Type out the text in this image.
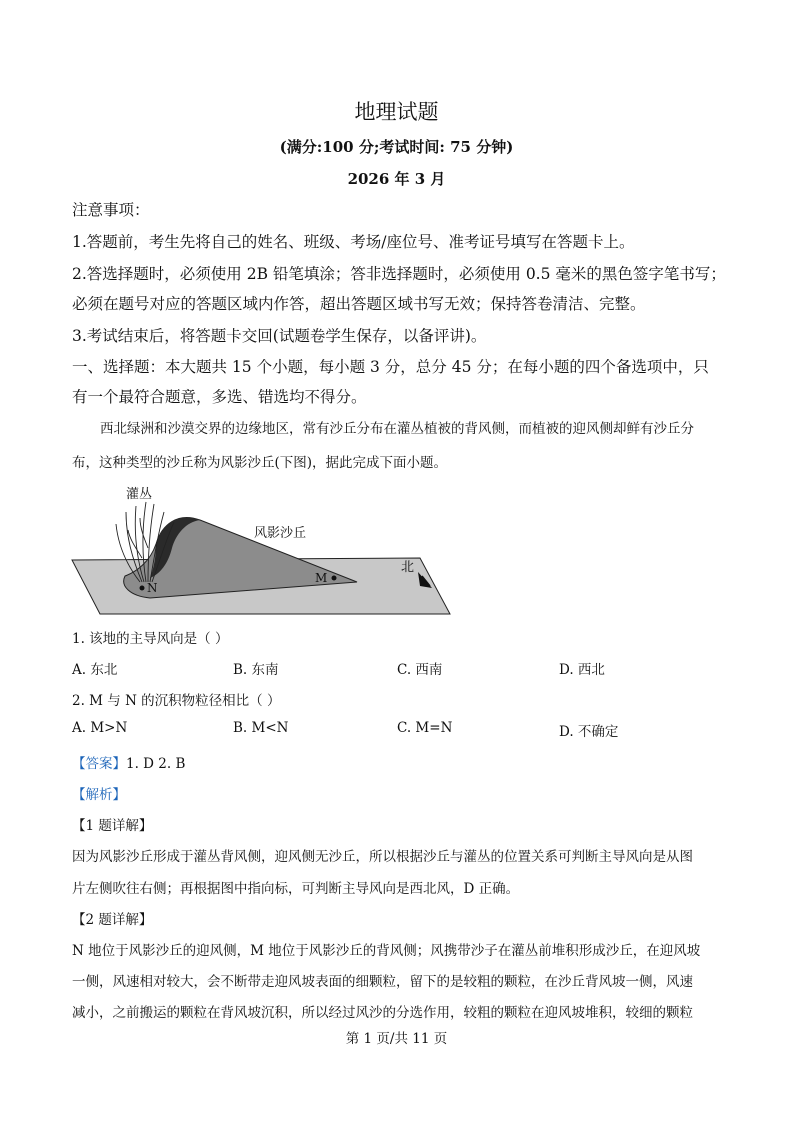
地理试题
(满分:100 分;考试时间: 75 分钟)
2026 年 3 月
注意事项：
1.答题前，考生先将自己的姓名、班级、考场/座位号、准考证号填写在答题卡上。
2.答选择题时，必须使用 2B 铅笔填涂；答非选择题时，必须使用 0.5 毫米的黑色签字笔书写；
必须在题号对应的答题区域内作答，超出答题区域书写无效；保持答卷清洁、完整。
3.考试结束后，将答题卡交回(试题卷学生保存，以备评讲)。
一、选择题：本大题共 15 个小题，每小题 3 分，总分 45 分；在每小题的四个备选项中，只
有一个最符合题意，多选、错选均不得分。
西北绿洲和沙漠交界的边缘地区，常有沙丘分布在灌丛植被的背风侧，而植被的迎风侧却鲜有沙丘分
布，这种类型的沙丘称为风影沙丘(下图)，据此完成下面小题。
灌丛
风影沙丘
北
N
M
1. 该地的主导风向是（ ）
A. 东北	B. 东南	C. 西南	D. 西北
2. M 与 N 的沉积物粒径相比（ ）
A. M>N	B. M<N	C. M=N	D. 不确定
【答案】1. D 2. B
【解析】
【1 题详解】
因为风影沙丘形成于灌丛背风侧，迎风侧无沙丘，所以根据沙丘与灌丛的位置关系可判断主导风向是从图
片左侧吹往右侧；再根据图中指向标，可判断主导风向是西北风，D 正确。
【2 题详解】
N 地位于风影沙丘的迎风侧，M 地位于风影沙丘的背风侧；风携带沙子在灌丛前堆积形成沙丘，在迎风坡
一侧，风速相对较大，会不断带走迎风坡表面的细颗粒，留下的是较粗的颗粒，在沙丘背风坡一侧，风速
减小，之前搬运的颗粒在背风坡沉积，所以经过风沙的分选作用，较粗的颗粒在迎风坡堆积，较细的颗粒
第 1 页/共 11 页
